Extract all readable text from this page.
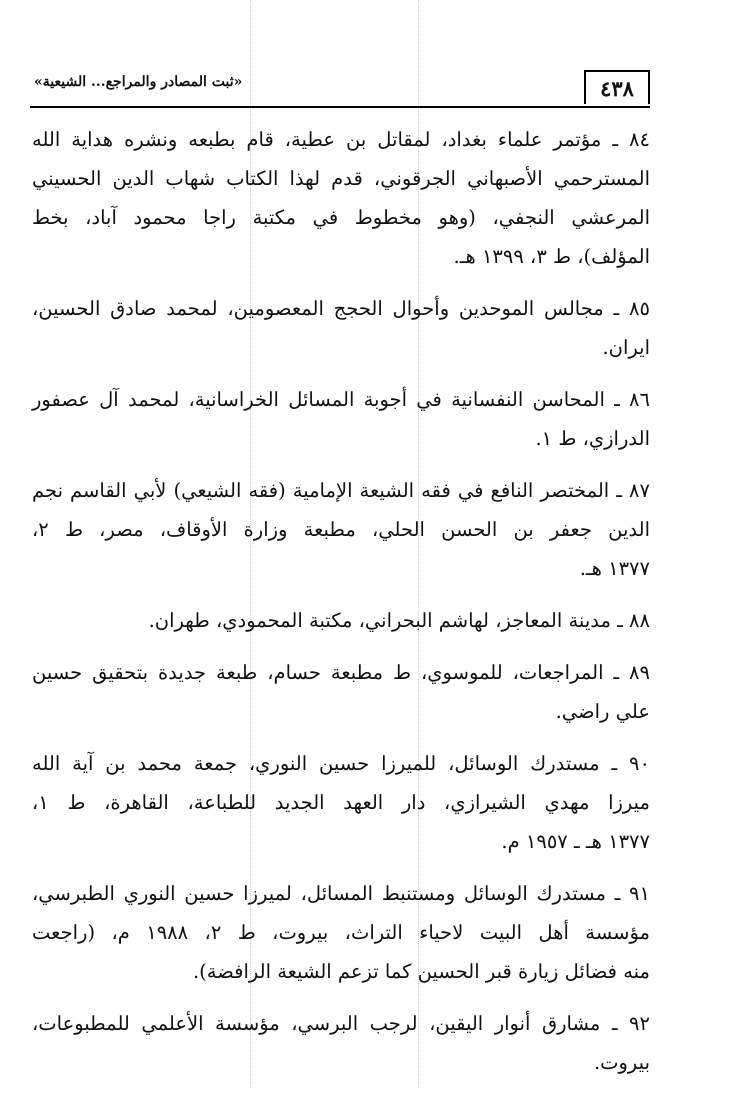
٤٣٨
«ثبت المصادر والمراجع... الشيعية»
٨٤ ـ مؤتمر علماء بغداد، لمقاتل بن عطية، قام بطبعه ونشره هداية الله
المسترحمي الأصبهاني الجرقوني، قدم لهذا الكتاب شهاب الدين الحسيني
المرعشي النجفي، (وهو مخطوط في مكتبة راجا محمود آباد، بخط
المؤلف)، ط ٣، ١٣٩٩ هـ.
٨٥ ـ مجالس الموحدين وأحوال الحجج المعصومين، لمحمد صادق الحسين،
ايران.
٨٦ ـ المحاسن النفسانية في أجوبة المسائل الخراسانية، لمحمد آل عصفور
الدرازي، ط ١.
٨٧ ـ المختصر النافع في فقه الشيعة الإمامية (فقه الشيعي) لأبي القاسم نجم
الدين جعفر بن الحسن الحلي، مطبعة وزارة الأوقاف، مصر، ط ٢،
١٣٧٧ هـ.
٨٨ ـ مدينة المعاجز، لهاشم البحراني، مكتبة المحمودي، طهران.
٨٩ ـ المراجعات، للموسوي، ط مطبعة حسام، طبعة جديدة بتحقيق حسين
علي راضي.
٩٠ ـ مستدرك الوسائل، للميرزا حسين النوري، جمعة محمد بن آية الله
ميرزا مهدي الشيرازي، دار العهد الجديد للطباعة، القاهرة، ط ١،
١٣٧٧ هـ ـ ١٩٥٧ م.
٩١ ـ مستدرك الوسائل ومستنبط المسائل، لميرزا حسين النوري الطبرسي،
مؤسسة أهل البيت لاحياء التراث، بيروت، ط ٢، ١٩٨٨ م، (راجعت
منه فضائل زيارة قبر الحسين كما تزعم الشيعة الرافضة).
٩٢ ـ مشارق أنوار اليقين، لرجب البرسي، مؤسسة الأعلمي للمطبوعات،
بيروت.
